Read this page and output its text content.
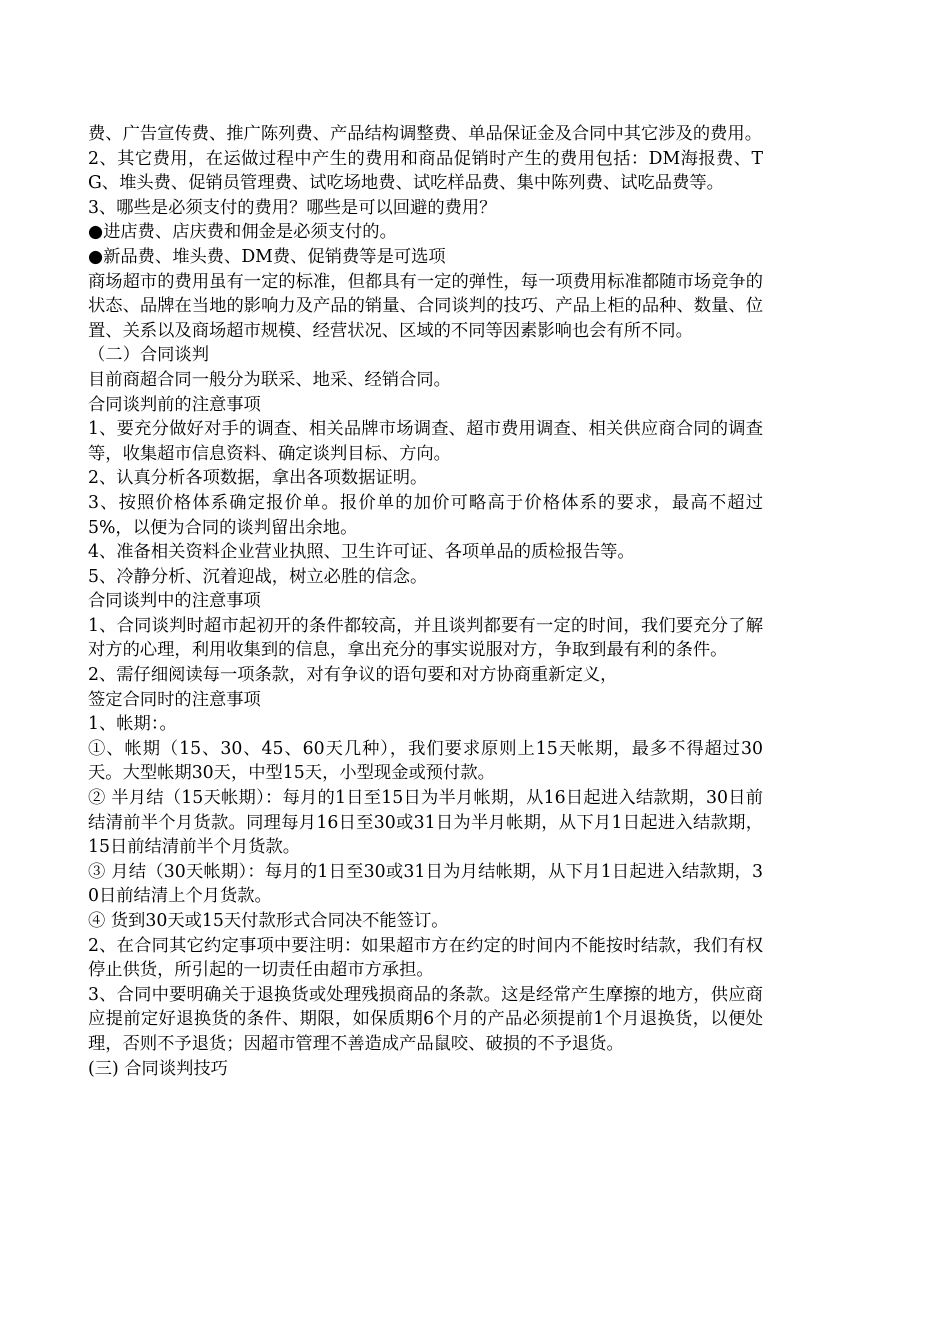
费、广告宣传费、推广陈列费、产品结构调整费、单品保证金及合同中其它涉及的费用。

2、其它费用，在运做过程中产生的费用和商品促销时产生的费用包括：DM海报费、TG、堆头费、促销员管理费、试吃场地费、试吃样品费、集中陈列费、试吃品费等。

3、哪些是必须支付的费用？哪些是可以回避的费用？

●进店费、店庆费和佣金是必须支付的。

●新品费、堆头费、DM费、促销费等是可选项

商场超市的费用虽有一定的标准，但都具有一定的弹性，每一项费用标准都随市场竞争的状态、品牌在当地的影响力及产品的销量、合同谈判的技巧、产品上柜的品种、数量、位置、关系以及商场超市规模、经营状况、区域的不同等因素影响也会有所不同。

（二）合同谈判

目前商超合同一般分为联采、地采、经销合同。

合同谈判前的注意事项

1、要充分做好对手的调查、相关品牌市场调查、超市费用调查、相关供应商合同的调查等，收集超市信息资料、确定谈判目标、方向。

2、认真分析各项数据，拿出各项数据证明。

3、按照价格体系确定报价单。报价单的加价可略高于价格体系的要求，最高不超过5%，以便为合同的谈判留出余地。

4、准备相关资料企业营业执照、卫生许可证、各项单品的质检报告等。

5、冷静分析、沉着迎战，树立必胜的信念。

合同谈判中的注意事项

1、合同谈判时超市起初开的条件都较高，并且谈判都要有一定的时间，我们要充分了解对方的心理，利用收集到的信息，拿出充分的事实说服对方，争取到最有利的条件。

2、需仔细阅读每一项条款，对有争议的语句要和对方协商重新定义，

签定合同时的注意事项

1、帐期：。

①、帐期（15、30、45、60天几种），我们要求原则上15天帐期，最多不得超过30天。大型帐期30天，中型15天，小型现金或预付款。

② 半月结（15天帐期）：每月的1日至15日为半月帐期，从16日起进入结款期，30日前结清前半个月货款。同理每月16日至30或31日为半月帐期，从下月1日起进入结款期，15日前结清前半个月货款。

③ 月结（30天帐期）：每月的1日至30或31日为月结帐期，从下月1日起进入结款期，30日前结清上个月货款。

④ 货到30天或15天付款形式合同决不能签订。

2、在合同其它约定事项中要注明：如果超市方在约定的时间内不能按时结款，我们有权停止供货，所引起的一切责任由超市方承担。

3、合同中要明确关于退换货或处理残损商品的条款。这是经常产生摩擦的地方，供应商应提前定好退换货的条件、期限，如保质期6个月的产品必须提前1个月退换货，以便处理，否则不予退货；因超市管理不善造成产品鼠咬、破损的不予退货。

(三) 合同谈判技巧
